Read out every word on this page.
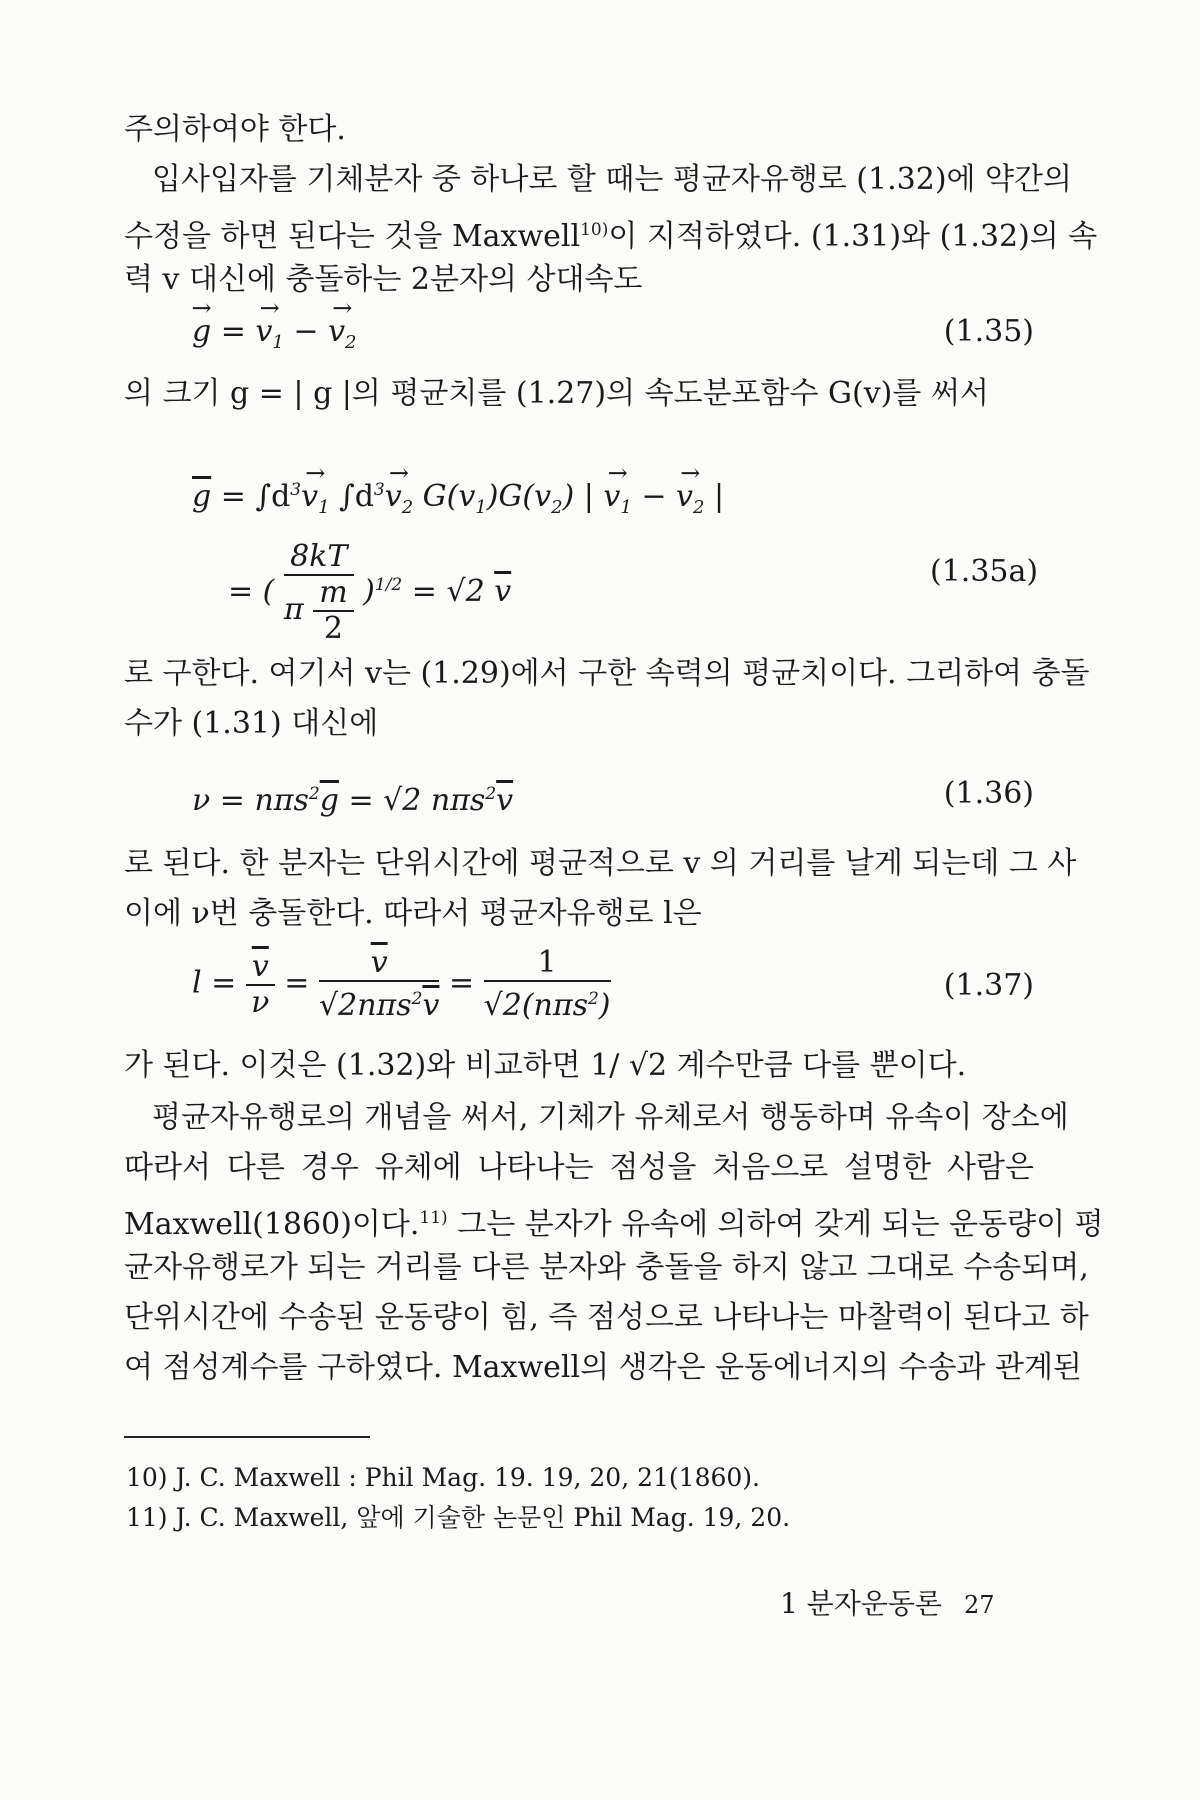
주의하여야 한다.
입사입자를 기체분자 중 하나로 할 때는 평균자유행로 (1.32)에 약간의
수정을 하면 된다는 것을 Maxwell$^{10)}$이 지적하였다. (1.31)와 (1.32)의 속
력 v 대신에 충돌하는 2분자의 상대속도
→ g = → $v_1$ − → $v_2$	(1.35)
의 크기 g = | g |의 평균치를 (1.27)의 속도분포함수 G(v)를 써서
$\overline{g} = \int d^3\to v_1$ $\int d^3\to v_2$ $G(v_1)G(v_2)$ | → $v_1$ − → $v_2$ |
= ( $\frac{8kT}{\pi \frac{m}{2}} )^{1/2} = √2$ $\overline{v}$
(1.35a)
로 구한다. 여기서 v는 (1.29)에서 구한 속력의 평균치이다. 그리하여 충돌
수가 (1.31) 대신에
$\nu = n\pi s^2\overline{g} = √2$ $n\pi s^2\overline{v}$	(1.36)
로 된다. 한 분자는 단위시간에 평균적으로 v 의 거리를 날게 되는데 그 사
이에 ν번 충돌한다. 따라서 평균자유행로 l은
$l = \frac{\overline{v}}{\nu} = \frac{\overline{v}}{√2n\pi s^2\overline{v}} = \frac{1}{√2(n\pi s^2)}$	(1.37)
가 된다. 이것은 (1.32)와 비교하면 1/ √2 계수만큼 다를 뿐이다.
평균자유행로의 개념을 써서, 기체가 유체로서 행동하며 유속이 장소에
따라서 다른 경우 유체에 나타나는 점성을 처음으로 설명한 사람은
Maxwell(1860)이다.$^{11)}$ 그는 분자가 유속에 의하여 갖게 되는 운동량이 평
균자유행로가 되는 거리를 다른 분자와 충돌을 하지 않고 그대로 수송되며,
단위시간에 수송된 운동량이 힘, 즉 점성으로 나타나는 마찰력이 된다고 하
여 점성계수를 구하였다. Maxwell의 생각은 운동에너지의 수송과 관계된
10) J. C. Maxwell : Phil Mag. 19. 19, 20, 21(1860).
11) J. C. Maxwell, 앞에 기술한 논문인 Phil Mag. 19, 20.
1 분자운동론 27
